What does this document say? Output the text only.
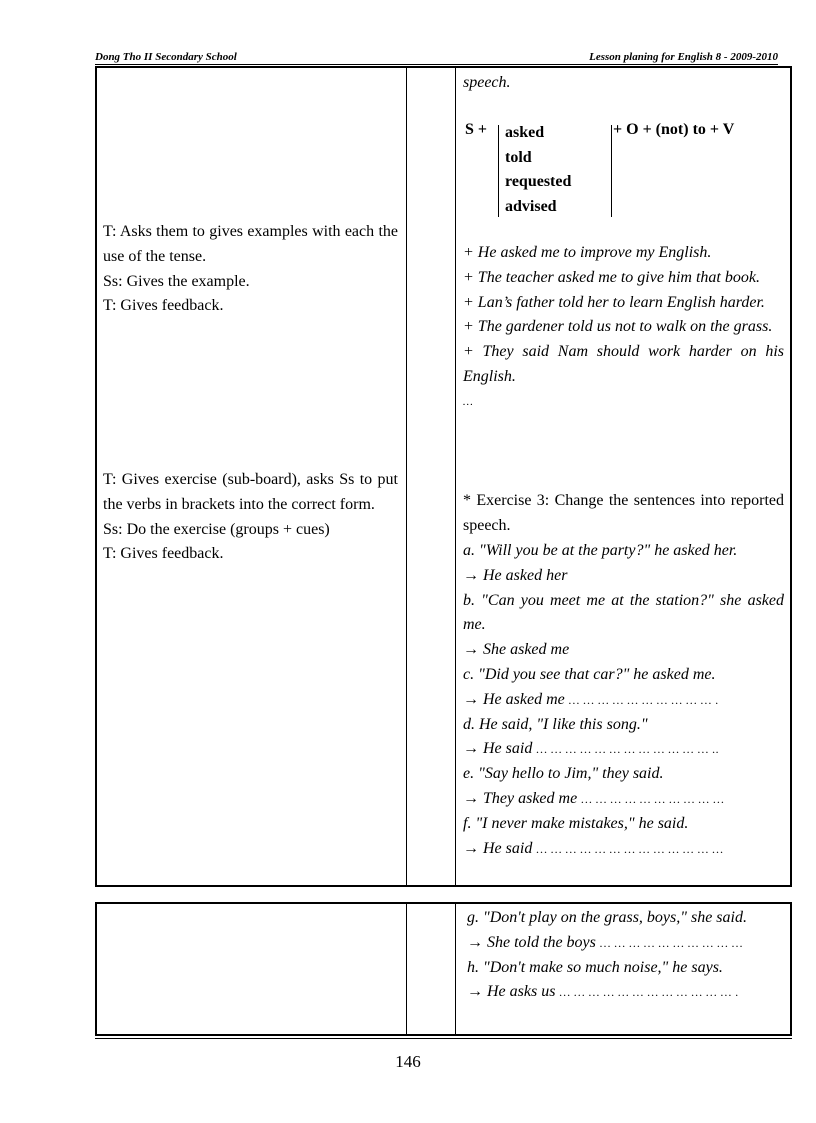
Dong Tho II Secondary School	Lesson planing for English 8 - 2009-2010
T: Asks them to gives examples with each the use of the tense.
Ss: Gives the example.
T: Gives feedback.
T: Gives exercise (sub-board), asks Ss to put the verbs in brackets into the correct form.
Ss: Do the exercise (groups + cues)
T: Gives feedback.
speech.
S + asked
told
requested
advised
+ O + (not) to + V
+ He asked me to improve my English.
+ The teacher asked me to give him that book.
+ Lan’s father told her to learn English harder.
+ The gardener told us not to walk on the grass.
+ They said Nam should work harder on his English.
…
* Exercise 3: Change the sentences into reported speech.
a. "Will you be at the party?" he asked her.
→ He asked her
b. "Can you meet me at the station?" she asked me.
→ She asked me
c. "Did you see that car?" he asked me.
→ He asked me … … … … … … … … … … .
d. He said, "I like this song."
→ He said … … … … … … … … … … … … ..
e. "Say hello to Jim," they said.
→ They asked me … … … … … … … … … …
f. "I never make mistakes," he said.
→ He said … … … … … … … … … … … … …
g. "Don't play on the grass, boys," she said.
→ She told the boys … … … … … … … … … …
h. "Don't make so much noise," he says.
→ He asks us … … … … … … … … … … … … .
146
